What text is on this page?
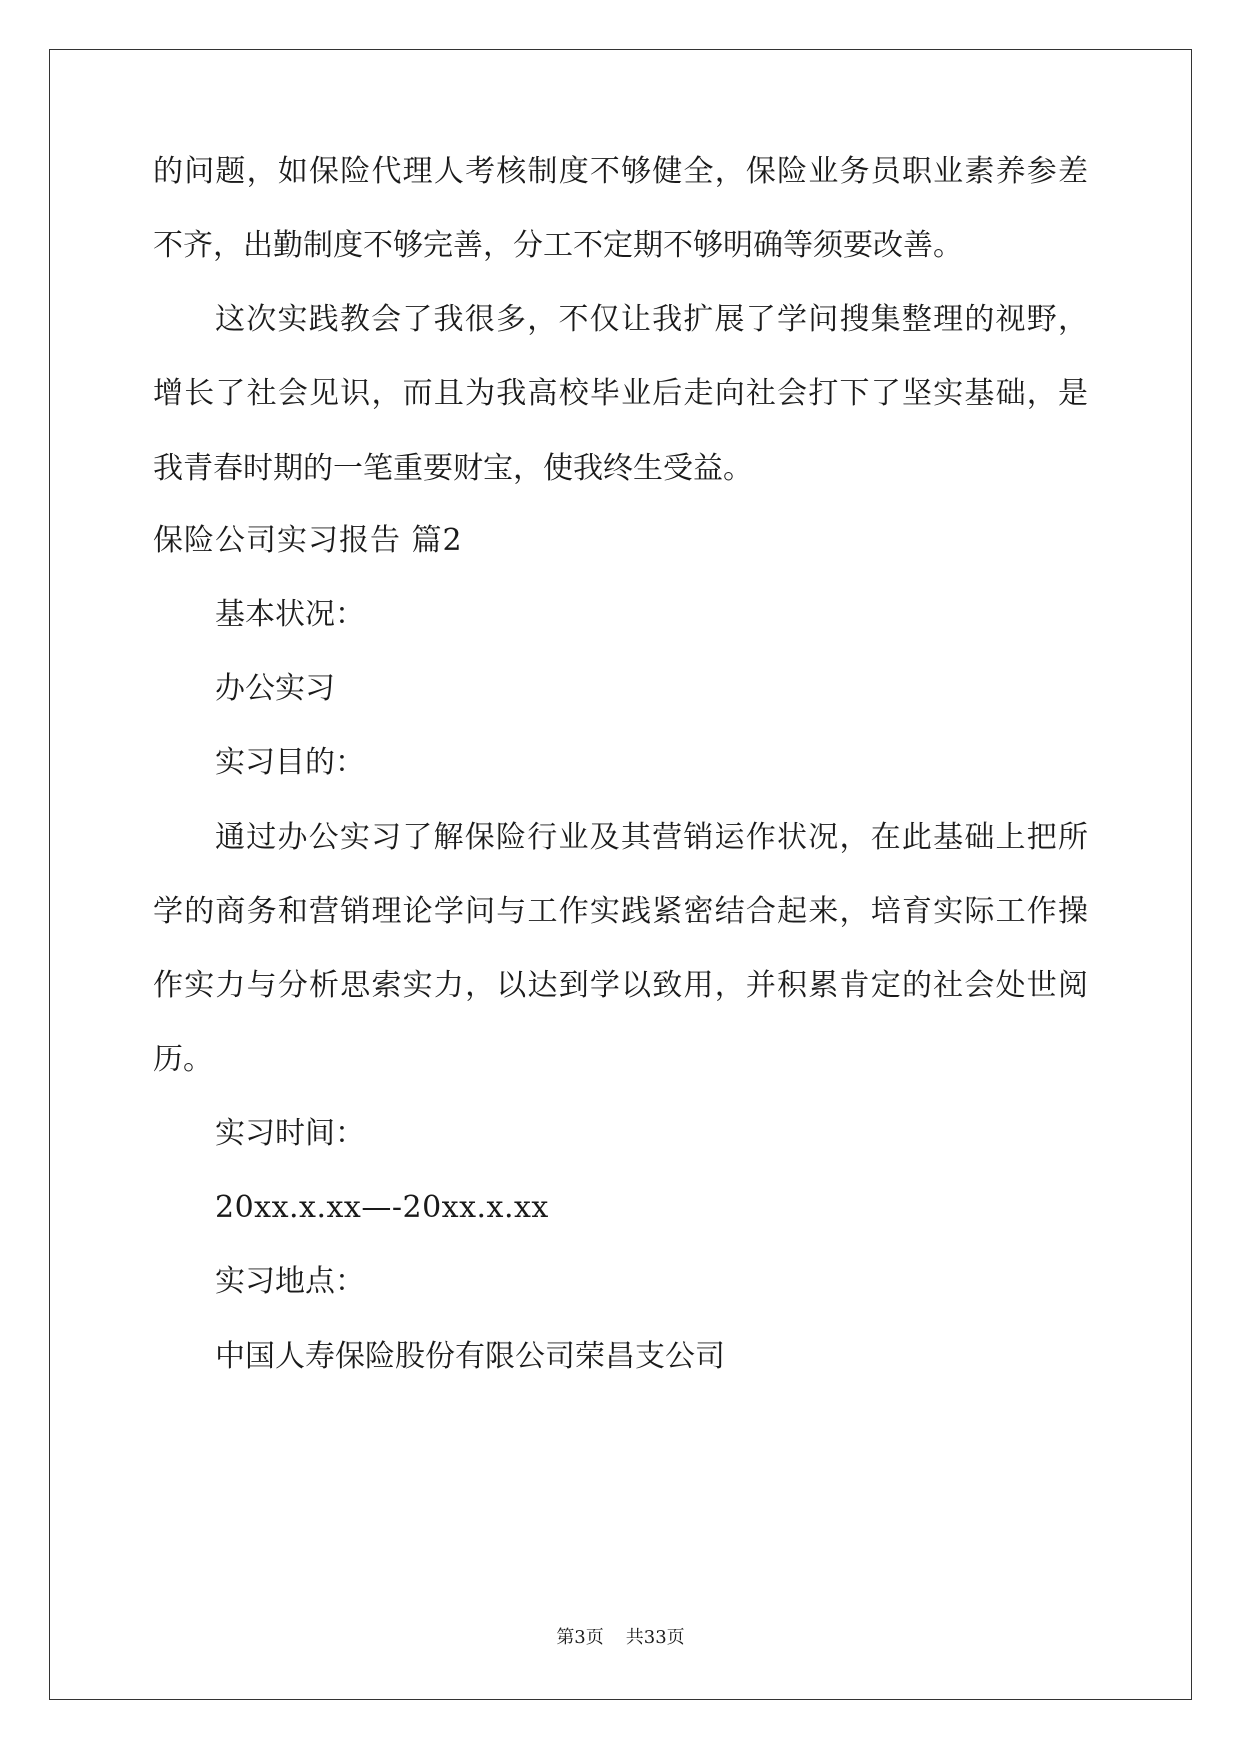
的问题，如保险代理人考核制度不够健全，保险业务员职业素养参差
不齐，出勤制度不够完善，分工不定期不够明确等须要改善。
这次实践教会了我很多，不仅让我扩展了学问搜集整理的视野，
增长了社会见识，而且为我高校毕业后走向社会打下了坚实基础，是
我青春时期的一笔重要财宝，使我终生受益。
保险公司实习报告 篇2
基本状况：
办公实习
实习目的：
通过办公实习了解保险行业及其营销运作状况，在此基础上把所
学的商务和营销理论学问与工作实践紧密结合起来，培育实际工作操
作实力与分析思索实力，以达到学以致用，并积累肯定的社会处世阅
历。
实习时间：
20xx.x.xx—-20xx.x.xx
实习地点：
中国人寿保险股份有限公司荣昌支公司
第3页 共33页
